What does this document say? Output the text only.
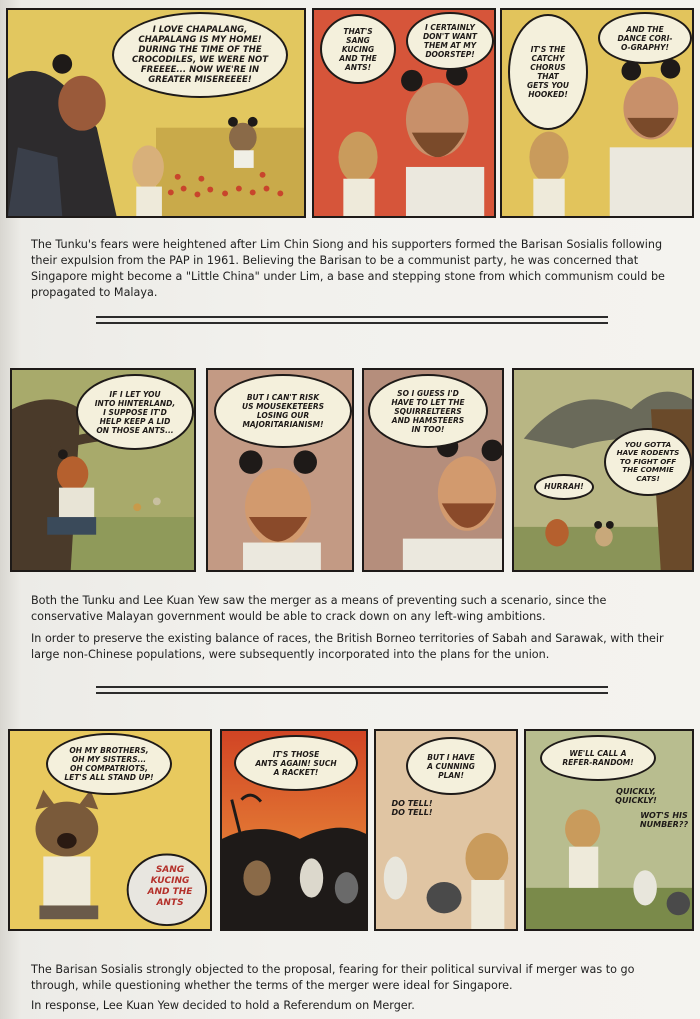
I LOVE CHAPALANG,
CHAPALANG IS MY HOME!
DURING THE TIME OF THE
CROCODILES, WE WERE NOT
FREEEE... NOW WE'RE IN
GREATER MISEREEEE!
THAT'S
SANG KUCING
AND THE
ANTS!
I CERTAINLY
DON'T WANT
THEM AT MY
DOORSTEP!
IT'S THE
CATCHY
CHORUS
THAT
GETS YOU
HOOKED!
AND THE
DANCE CORI-
O-GRAPHY!

The Tunku's fears were heightened after Lim Chin Siong and his supporters formed the Barisan Sosialis following their expulsion from the PAP in 1961. Believing the Barisan to be a communist party, he was concerned that Singapore might become a "Little China" under Lim, a base and stepping stone from which communism could be propagated to Malaya.

IF I LET YOU
INTO HINTERLAND,
I SUPPOSE IT'D
HELP KEEP A LID
ON THOSE ANTS...
BUT I CAN'T RISK
US MOUSEKETEERS
LOSING OUR
MAJORITARIANISM!
SO I GUESS I'D
HAVE TO LET THE
SQUIRRELTEERS
AND HAMSTEERS
IN TOO!
YOU GOTTA
HAVE RODENTS
TO FIGHT OFF
THE COMMIE
CATS!
HURRAH!

Both the Tunku and Lee Kuan Yew saw the merger as a means of preventing such a scenario, since the conservative Malayan government would be able to crack down on any left-wing ambitions.

In order to preserve the existing balance of races, the British Borneo territories of Sabah and Sarawak, with their large non-Chinese populations, were subsequently incorporated into the plans for the union.

OH MY BROTHERS,
OH MY SISTERS...
OH COMPATRIOTS,
LET'S ALL STAND UP!
SANG
KUCING
AND THE
ANTS
IT'S THOSE
ANTS AGAIN! SUCH
A RACKET!
BUT I HAVE
A CUNNING
PLAN!
DO TELL!
DO TELL!
WE'LL CALL A
REFER-RANDOM!
QUICKLY,
QUICKLY!
WOT'S HIS
NUMBER??

The Barisan Sosialis strongly objected to the proposal, fearing for their political survival if merger was to go through, while questioning whether the terms of the merger were ideal for Singapore.

In response, Lee Kuan Yew decided to hold a Referendum on Merger.
